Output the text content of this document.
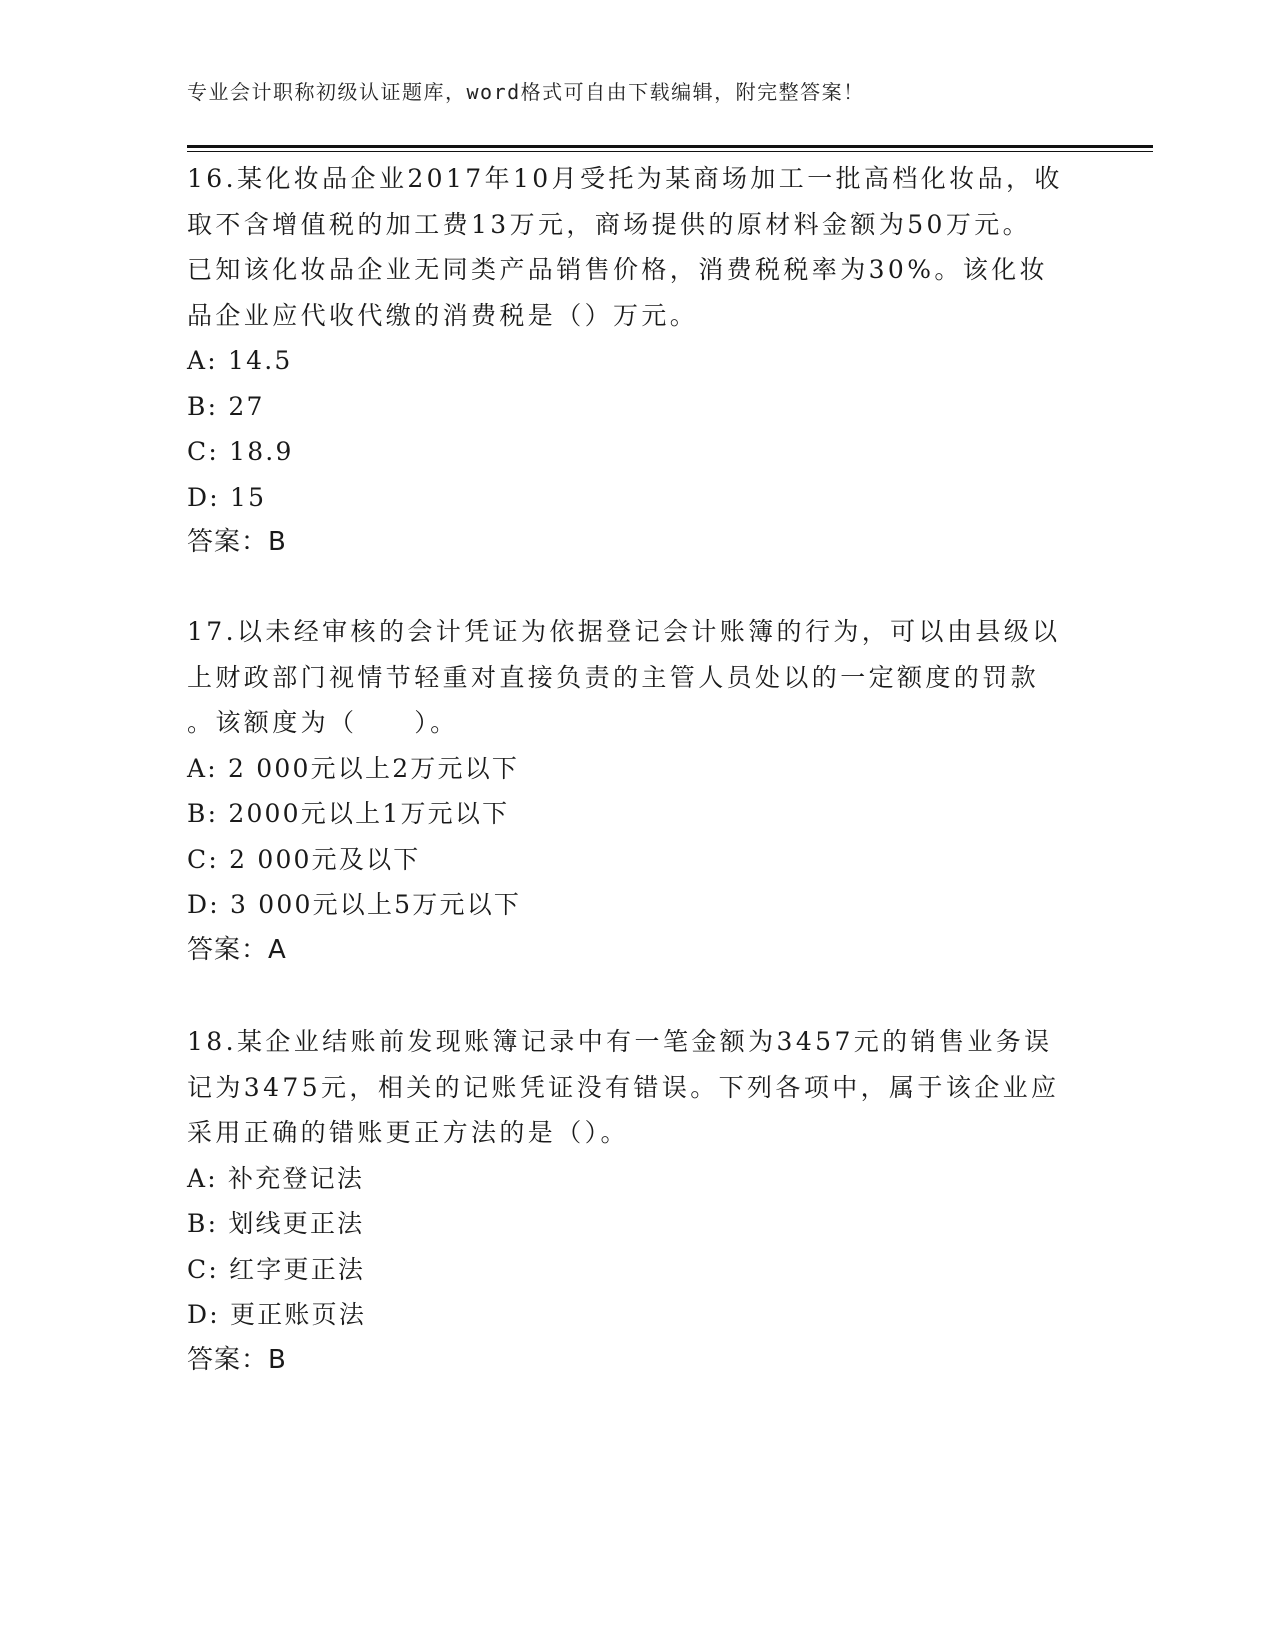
专业会计职称初级认证题库，word格式可自由下载编辑，附完整答案！
16.某化妆品企业2017年10月受托为某商场加工一批高档化妆品，收
取不含增值税的加工费13万元，商场提供的原材料金额为50万元。
已知该化妆品企业无同类产品销售价格，消费税税率为30%。该化妆
品企业应代收代缴的消费税是（）万元。
A: 14.5
B: 27
C: 18.9
D: 15
答案：B
17.以未经审核的会计凭证为依据登记会计账簿的行为，可以由县级以
上财政部门视情节轻重对直接负责的主管人员处以的一定额度的罚款
。该额度为（　　）。
A: 2 000元以上2万元以下
B: 2000元以上1万元以下
C: 2 000元及以下
D: 3 000元以上5万元以下
答案：A
18.某企业结账前发现账簿记录中有一笔金额为3457元的销售业务误
记为3475元，相关的记账凭证没有错误。下列各项中，属于该企业应
采用正确的错账更正方法的是（）。
A: 补充登记法
B: 划线更正法
C: 红字更正法
D: 更正账页法
答案：B
